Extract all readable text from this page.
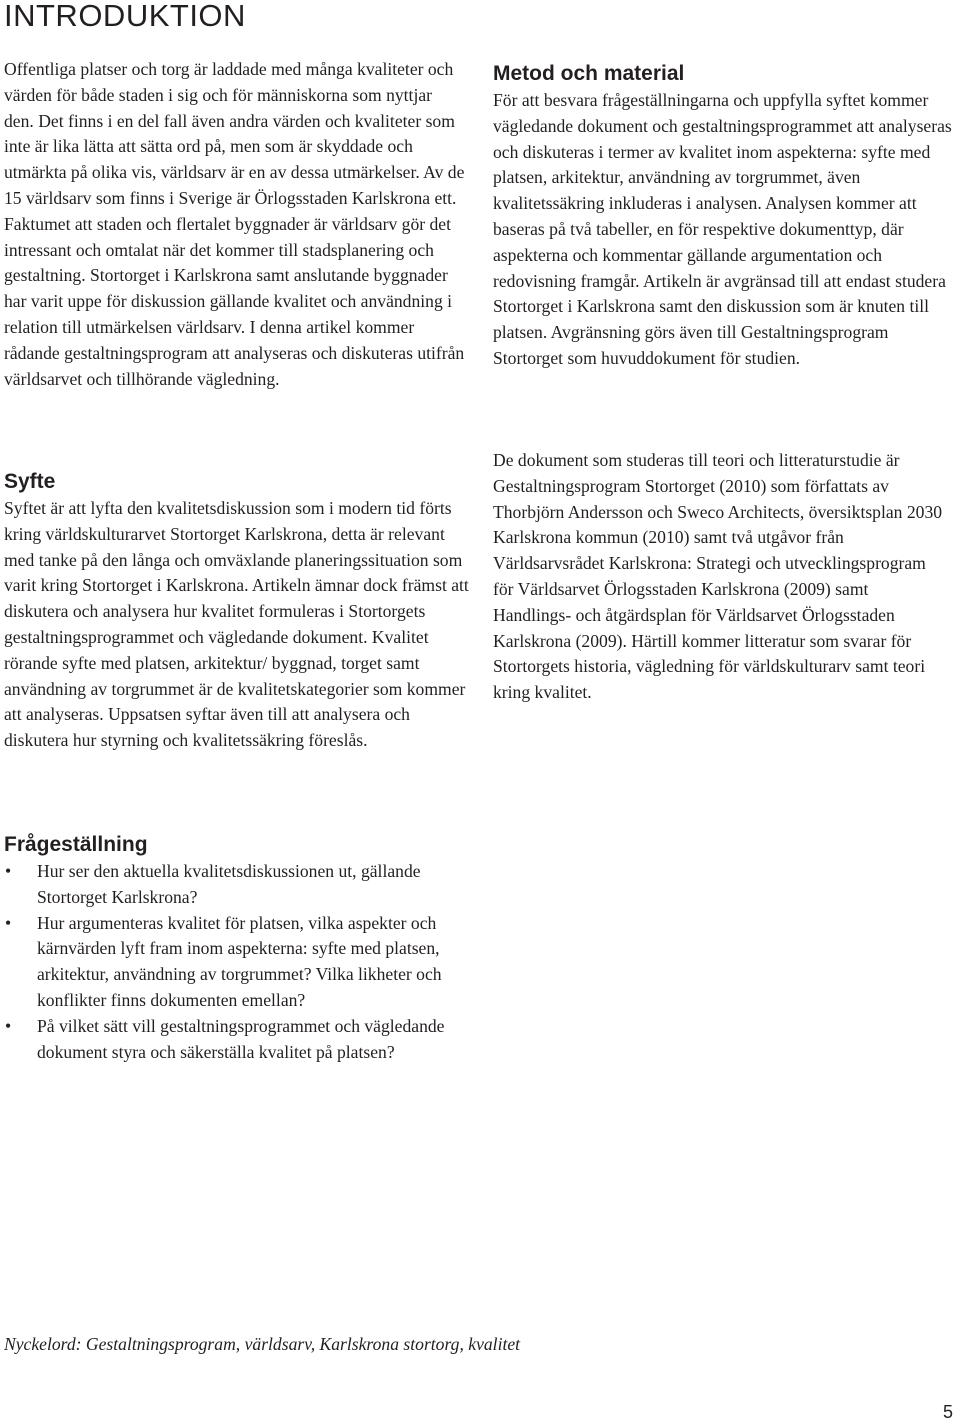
INTRODUKTION

Offentliga platser och torg är laddade med många kvaliteter och värden för både staden i sig och för människorna som nyttjar den. Det finns i en del fall även andra värden och kvaliteter som inte är lika lätta att sätta ord på, men som är skyddade och utmärkta på olika vis, världsarv är en av dessa utmärkelser. Av de 15 världsarv som finns i Sverige är Örlogsstaden Karlskrona ett. Faktumet att staden och flertalet byggnader är världsarv gör det intressant och omtalat när det kommer till stadsplanering och gestaltning. Stortorget i Karlskrona samt anslutande byggnader har varit uppe för diskussion gällande kvalitet och användning i relation till utmärkelsen världsarv. I denna artikel kommer rådande gestaltningsprogram att analyseras och diskuteras utifrån världsarvet och tillhörande vägledning.

Syfte

Syftet är att lyfta den kvalitetsdiskussion som i modern tid förts kring världskulturarvet Stortorget Karlskrona, detta är relevant med tanke på den långa och omväxlande planeringssituation som varit kring Stortorget i Karlskrona. Artikeln ämnar dock främst att diskutera och analysera hur kvalitet formuleras i Stortorgets gestaltningsprogrammet och vägledande dokument. Kvalitet rörande syfte med platsen, arkitektur/ byggnad, torget samt användning av torgrummet är de kvalitetskategorier som kommer att analyseras. Uppsatsen syftar även till att analysera och diskutera hur styrning och kvalitetssäkring föreslås.

Frågeställning
• Hur ser den aktuella kvalitetsdiskussionen ut, gällande Stortorget Karlskrona?
• Hur argumenteras kvalitet för platsen, vilka aspekter och kärnvärden lyft fram inom aspekterna: syfte med platsen, arkitektur, användning av torgrummet? Vilka likheter och konflikter finns dokumenten emellan?
• På vilket sätt vill gestaltningsprogrammet och vägledande dokument styra och säkerställa kvalitet på platsen?
Metod och material

För att besvara frågeställningarna och uppfylla syftet kommer vägledande dokument och gestaltningsprogrammet att analyseras och diskuteras i termer av kvalitet inom aspekterna: syfte med platsen, arkitektur, användning av torgrummet, även kvalitetssäkring inkluderas i analysen. Analysen kommer att baseras på två tabeller, en för respektive dokumenttyp, där aspekterna och kommentar gällande argumentation och redovisning framgår. Artikeln är avgränsad till att endast studera Stortorget i Karlskrona samt den diskussion som är knuten till platsen. Avgränsning görs även till Gestaltningsprogram Stortorget som huvuddokument för studien.

De dokument som studeras till teori och litteraturstudie är Gestaltningsprogram Stortorget (2010) som författats av Thorbjörn Andersson och Sweco Architects, översiktsplan 2030 Karlskrona kommun (2010) samt två utgåvor från Världsarvsrådet Karlskrona: Strategi och utvecklingsprogram för Världsarvet Örlogsstaden Karlskrona (2009) samt Handlings- och åtgärdsplan för Världsarvet Örlogsstaden Karlskrona (2009). Härtill kommer litteratur som svarar för Stortorgets historia, vägledning för världskulturarv samt teori kring kvalitet.

Nyckelord: Gestaltningsprogram, världsarv, Karlskrona stortorg, kvalitet

5
